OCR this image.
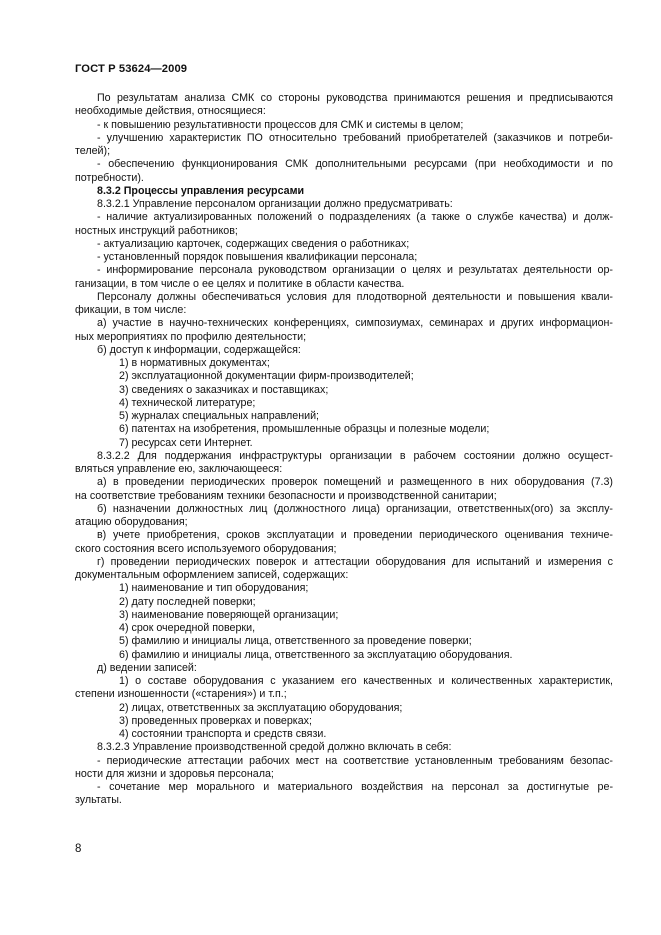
ГОСТ Р 53624—2009
По результатам анализа СМК со стороны руководства принимаются решения и предписываются
необходимые действия, относящиеся:
- к повышению результативности процессов для СМК и системы в целом;
- улучшению характеристик ПО относительно требований приобретателей (заказчиков и потреби-
телей);
- обеспечению функционирования СМК дополнительными ресурсами (при необходимости и по
потребности).
8.3.2 Процессы управления ресурсами
8.3.2.1 Управление персоналом организации должно предусматривать:
- наличие актуализированных положений о подразделениях (а также о службе качества) и долж-
ностных инструкций работников;
- актуализацию карточек, содержащих сведения о работниках;
- установленный порядок повышения квалификации персонала;
- информирование персонала руководством организации о целях и результатах деятельности ор-
ганизации, в том числе о ее целях и политике в области качества.
Персоналу должны обеспечиваться условия для плодотворной деятельности и повышения квали-
фикации, в том числе:
а) участие в научно-технических конференциях, симпозиумах, семинарах и других информацион-
ных мероприятиях по профилю деятельности;
б) доступ к информации, содержащейся:
1) в нормативных документах;
2) эксплуатационной документации фирм-производителей;
3) сведениях о заказчиках и поставщиках;
4) технической литературе;
5) журналах специальных направлений;
6) патентах на изобретения, промышленные образцы и полезные модели;
7) ресурсах сети Интернет.
8.3.2.2 Для поддержания инфраструктуры организации в рабочем состоянии должно осущест-
вляться управление ею, заключающееся:
а) в проведении периодических проверок помещений и размещенного в них оборудования (7.3)
на соответствие требованиям техники безопасности и производственной санитарии;
б) назначении должностных лиц (должностного лица) организации, ответственных(ого) за эксплу-
атацию оборудования;
в) учете приобретения, сроков эксплуатации и проведении периодического оценивания техниче-
ского состояния всего используемого оборудования;
г) проведении периодических поверок и аттестации оборудования для испытаний и измерения с
документальным оформлением записей, содержащих:
1) наименование и тип оборудования;
2) дату последней поверки;
3) наименование поверяющей организации;
4) срок очередной поверки,
5) фамилию и инициалы лица, ответственного за проведение поверки;
6) фамилию и инициалы лица, ответственного за эксплуатацию оборудования.
д) ведении записей:
1) о составе оборудования с указанием его качественных и количественных характеристик,
степени изношенности («старения») и т.п.;
2) лицах, ответственных за эксплуатацию оборудования;
3) проведенных проверках и поверках;
4) состоянии транспорта и средств связи.
8.3.2.3 Управление производственной средой должно включать в себя:
- периодические аттестации рабочих мест на соответствие установленным требованиям безопас-
ности для жизни и здоровья персонала;
- сочетание мер морального и материального воздействия на персонал за достигнутые ре-
зультаты.
8
